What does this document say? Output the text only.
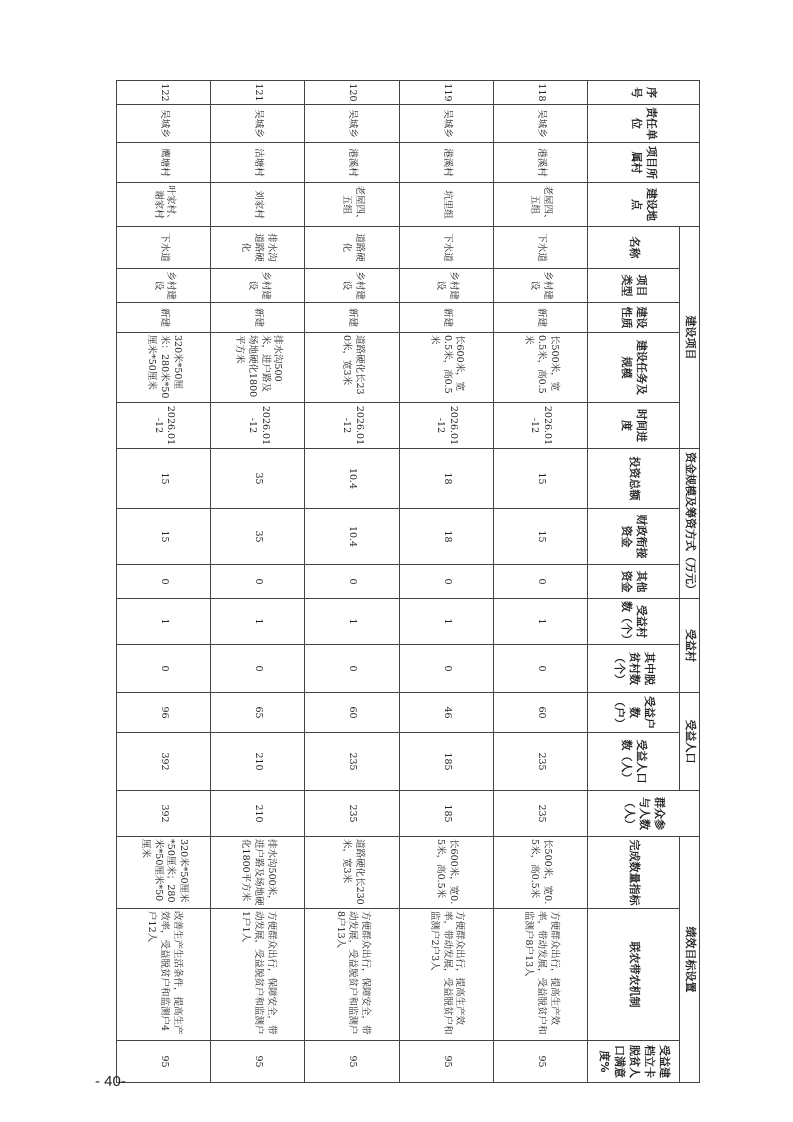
序号	责任单位	项目所属村	建设地点	建设项目					资金规模及筹资方式（万元）			受益村		受益人口		群众参与人数（人）	绩效目标设置		
				名称	项目类型	建设性质	建设任务及规模	时间进度	投资总额	财政衔接资金	其他资金	受益村数（个）	其中脱贫村数（个）	受益户数（户）	受益人口数（人）		完成数量指标	联农带农机制	受益建档立卡脱贫人口满意度%
118	吴城乡	港溪村	老屋四、五组	下水道	乡村建设	新建	长500米，宽0.5米，高0.5米	2026.01-12	15	15	0	1	0	60	235	235	长500米，宽0.5米，高0.5米	方便群众出行，提高生产效率，带动发展，受益脱贫户和监测户8户13人	95
119	吴城乡	港溪村	坑里组	下水道	乡村建设	新建	长600米，宽0.5米，高0.5米	2026.01-12	18	18	0	1	0	46	185	185	长600米，宽0.5米，高0.5米	方便群众出行，提高生产效率，带动发展，受益脱贫户和监测户2户3人	95
120	吴城乡	港溪村	老屋四、五组	道路硬化	乡村建设	新建	道路硬化长230米，宽3米	2026.01-12	10.4	10.4	0	1	0	60	235	235	道路硬化长230米，宽3米	方便群众出行，保障安全，带动发展，受益脱贫户和监测户8户13人	95
121	吴城乡	沽塘村	刘家村	排水沟道路硬化	乡村建设	新建	排水沟500米，进户路及场地硬化1800平方米	2026.01-12	35	35	0	1	0	65	210	210	排水沟500米，进户路及场地硬化1800平方米	方便群众出行，保障安全，带动发展，受益脱贫户和监测户1户1人	95
122	吴城乡	鹰塘村	叶家村、谢家村	下水道	乡村建设	新建	320米*50厘米：280米*50厘米*50厘米	2026.01-12	15	15	0	1	0	96	392	392	320米*50厘米*50厘米；280米*50厘米*50厘米	改善生产生活条件，提高生产效率，受益脱贫户和监测户4户12人	95
- 40-
